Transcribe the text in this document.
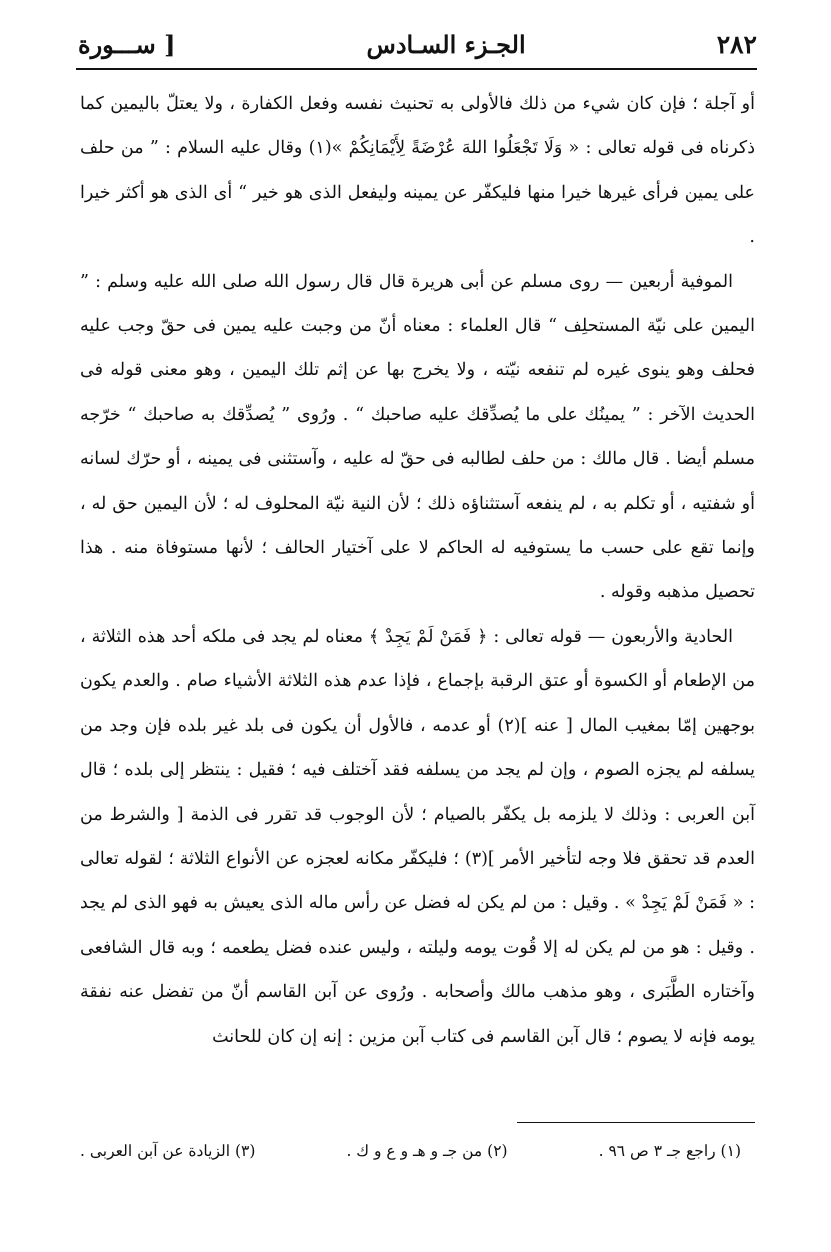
٢٨٢
الجـزء السـادس
[ ســـورة

أو آجلة ؛ فإن كان شيء من ذلك فالأولى به تحنيث نفسه وفعل الكفارة ، ولا يعتلّ باليمين كما ذكرناه فى قوله تعالى : « وَلَا تَجْعَلُوا اللهَ عُرْضَةً لِأَيْمَانِكُمْ »(١) وقال عليه السلام : ” من حلف على يمين فرأى غيرها خيرا منها فليكفّر عن يمينه وليفعل الذى هو خير “ أى الذى هو أكثر خيرا .

الموفية أربعين — روى مسلم عن أبى هريرة قال قال رسول الله صلى الله عليه وسلم : ” اليمين على نيّة المستحلِف “ قال العلماء : معناه أنّ من وجبت عليه يمين فى حقّ وجب عليه فحلف وهو ينوى غيره لم تنفعه نيّته ، ولا يخرج بها عن إثم تلك اليمين ، وهو معنى قوله فى الحديث الآخر : ” يمينُك على ما يُصدِّقك عليه صاحبك “ . ورُوى ” يُصدِّقك به صاحبك “ خرّجه مسلم أيضا . قال مالك : من حلف لطالبه فى حقّ له عليه ، وآستثنى فى يمينه ، أو حرّك لسانه أو شفتيه ، أو تكلم به ، لم ينفعه آستثناؤه ذلك ؛ لأن النية نيّة المحلوف له ؛ لأن اليمين حق له ، وإنما تقع على حسب ما يستوفيه له الحاكم لا على آختيار الحالف ؛ لأنها مستوفاة منه . هذا تحصيل مذهبه وقوله .

الحادية والأربعون — قوله تعالى : ﴿ فَمَنْ لَمْ يَجِدْ ﴾ معناه لم يجد فى ملكه أحد هذه الثلاثة ، من الإطعام أو الكسوة أو عتق الرقبة بإجماع ، فإذا عدم هذه الثلاثة الأشياء صام . والعدم يكون بوجهين إمّا بمغيب المال [ عنه ](٢) أو عدمه ، فالأول أن يكون فى بلد غير بلده فإن وجد من يسلفه لم يجزه الصوم ، وإن لم يجد من يسلفه فقد آختلف فيه ؛ فقيل : ينتظر إلى بلده ؛ قال آبن العربى : وذلك لا يلزمه بل يكفّر بالصيام ؛ لأن الوجوب قد تقرر فى الذمة [ والشرط من العدم قد تحقق فلا وجه لتأخير الأمر ](٣) ؛ فليكفّر مكانه لعجزه عن الأنواع الثلاثة ؛ لقوله تعالى : « فَمَنْ لَمْ يَجِدْ » . وقيل : من لم يكن له فضل عن رأس ماله الذى يعيش به فهو الذى لم يجد . وقيل : هو من لم يكن له إلا قُوت يومه وليلته ، وليس عنده فضل يطعمه ؛ وبه قال الشافعى وآختاره الطَّبَرى ، وهو مذهب مالك وأصحابه . ورُوى عن آبن القاسم أنّ من تفضل عنه نفقة يومه فإنه لا يصوم ؛ قال آبن القاسم فى كتاب آبن مزين : إنه إن كان للحانث

(١) راجع جـ ٣ ص ٩٦ .
(٢) من جـ و هـ و ع و ك .
(٣) الزيادة عن آبن العربى .
